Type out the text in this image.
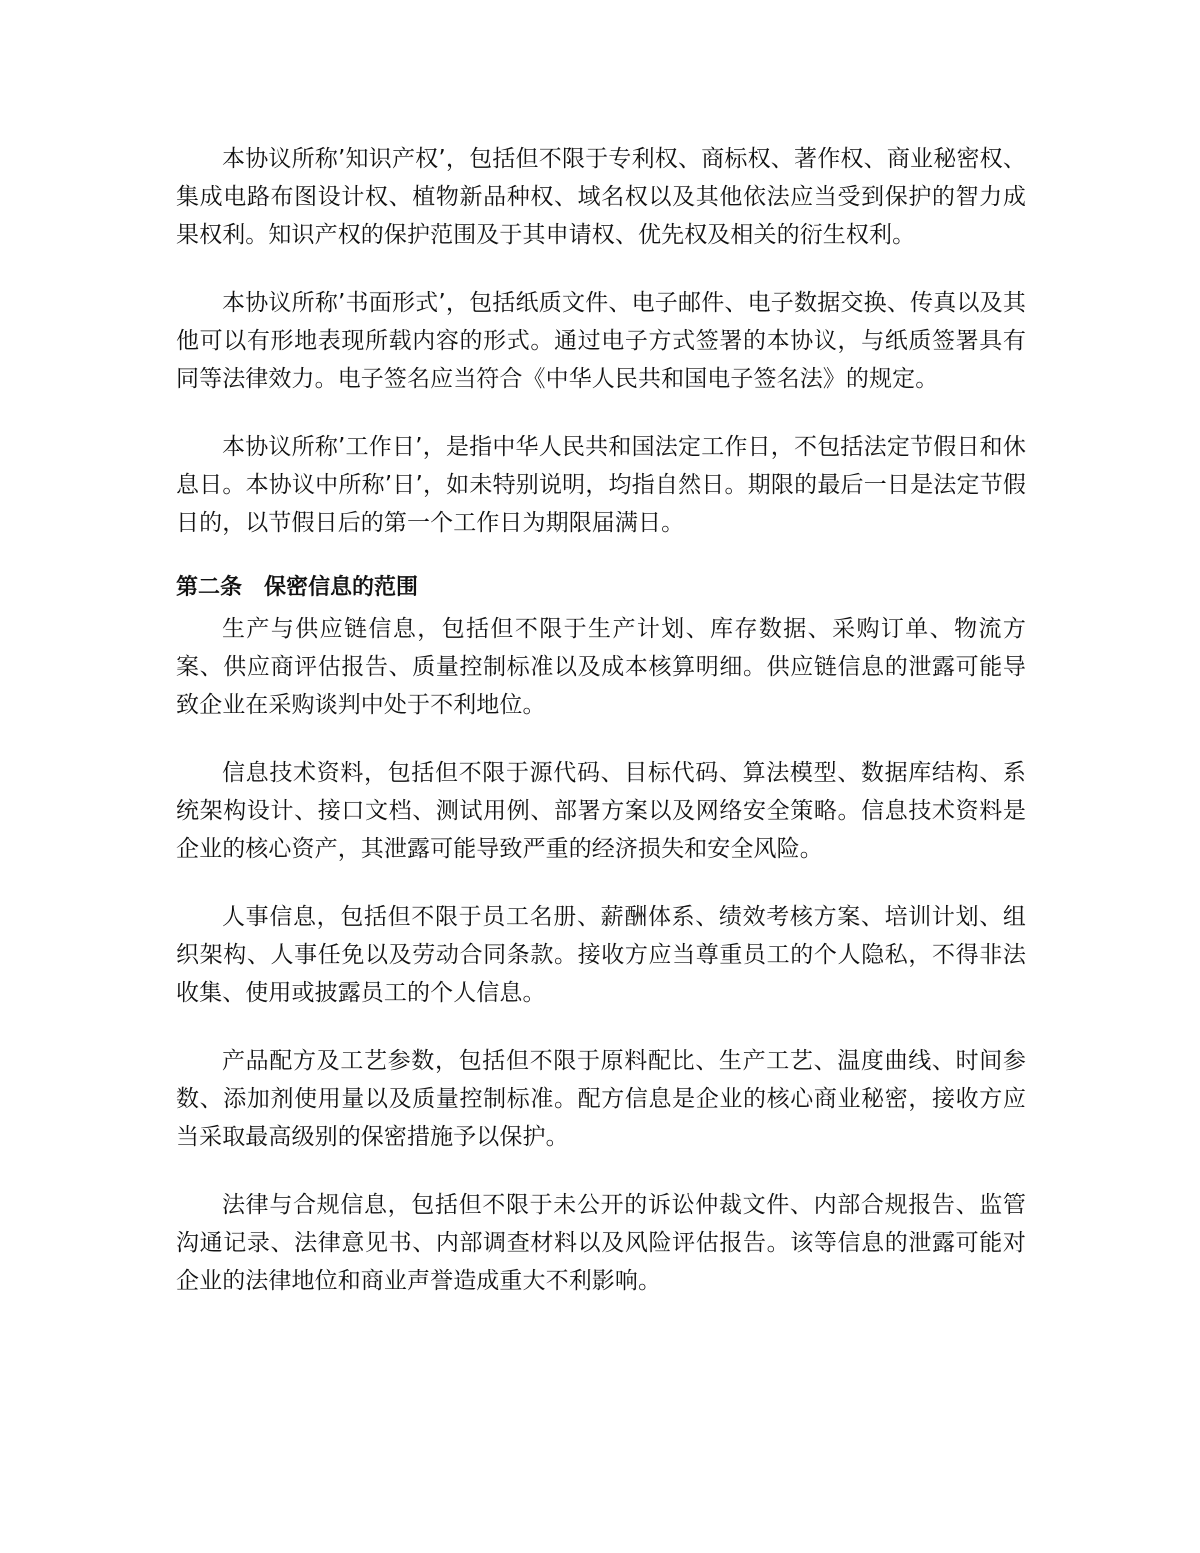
本协议所称’知识产权’，包括但不限于专利权、商标权、著作权、商业秘密权、集成电路布图设计权、植物新品种权、域名权以及其他依法应当受到保护的智力成果权利。知识产权的保护范围及于其申请权、优先权及相关的衍生权利。

本协议所称’书面形式’，包括纸质文件、电子邮件、电子数据交换、传真以及其他可以有形地表现所载内容的形式。通过电子方式签署的本协议，与纸质签署具有同等法律效力。电子签名应当符合《中华人民共和国电子签名法》的规定。

本协议所称’工作日’，是指中华人民共和国法定工作日，不包括法定节假日和休息日。本协议中所称’日’，如未特别说明，均指自然日。期限的最后一日是法定节假日的，以节假日后的第一个工作日为期限届满日。

第二条 保密信息的范围

生产与供应链信息，包括但不限于生产计划、库存数据、采购订单、物流方案、供应商评估报告、质量控制标准以及成本核算明细。供应链信息的泄露可能导致企业在采购谈判中处于不利地位。

信息技术资料，包括但不限于源代码、目标代码、算法模型、数据库结构、系统架构设计、接口文档、测试用例、部署方案以及网络安全策略。信息技术资料是企业的核心资产，其泄露可能导致严重的经济损失和安全风险。

人事信息，包括但不限于员工名册、薪酬体系、绩效考核方案、培训计划、组织架构、人事任免以及劳动合同条款。接收方应当尊重员工的个人隐私，不得非法收集、使用或披露员工的个人信息。

产品配方及工艺参数，包括但不限于原料配比、生产工艺、温度曲线、时间参数、添加剂使用量以及质量控制标准。配方信息是企业的核心商业秘密，接收方应当采取最高级别的保密措施予以保护。

法律与合规信息，包括但不限于未公开的诉讼仲裁文件、内部合规报告、监管沟通记录、法律意见书、内部调查材料以及风险评估报告。该等信息的泄露可能对企业的法律地位和商业声誉造成重大不利影响。
